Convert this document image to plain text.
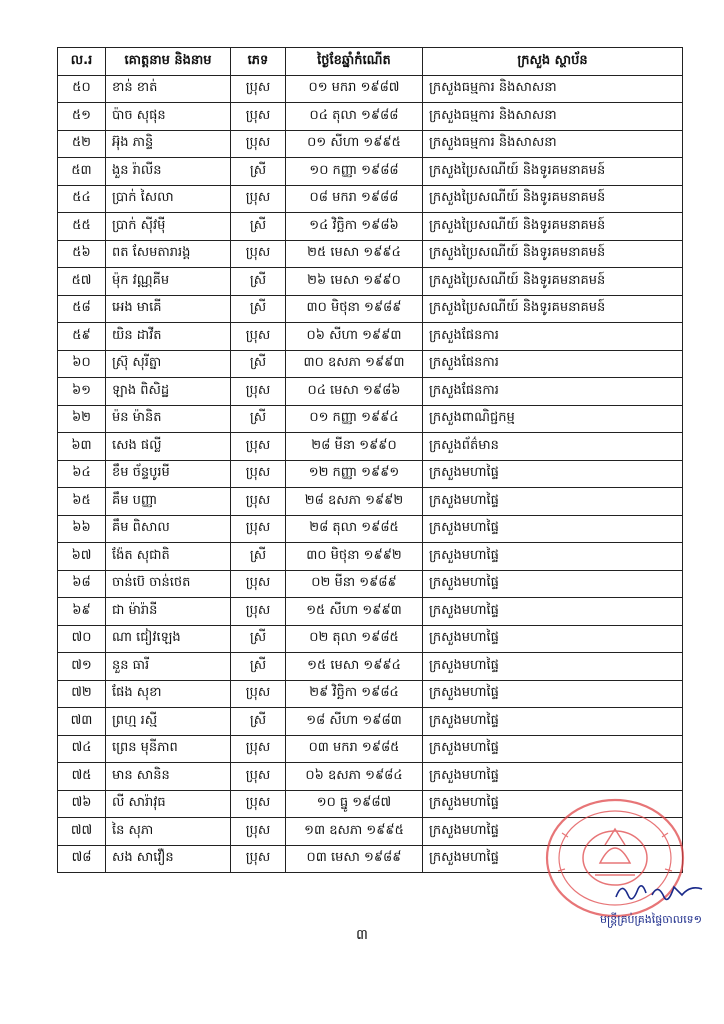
ល.រ	គោត្តនាម និងនាម	ភេទ	ថ្ងៃខែឆ្នាំកំណើត	ក្រសួង ស្ថាប័ន
៥០	ខាន់ ខាត់	ប្រុស	០១ មករា ១៩៨៧	ក្រសួងធម្មការ និងសាសនា
៥១	ប៉ាច សុផុន	ប្រុស	០៤ តុលា ១៩៨៨	ក្រសួងធម្មការ និងសាសនា
៥២	អ៊ុង ភាន្ទិ	ប្រុស	០១ សីហា ១៩៩៥	ក្រសួងធម្មការ និងសាសនា
៥៣	ងួន រ៉ាលីន	ស្រី	១០ កញ្ញា ១៩៨៨	ក្រសួងប្រៃសណីយ៍ និងទូរគមនាគមន៍
៥៤	ប្រាក់ សៃលា	ប្រុស	០៨ មករា ១៩៨៨	ក្រសួងប្រៃសណីយ៍ និងទូរគមនាគមន៍
៥៥	ប្រាក់ ស៊ីវម៉ី	ស្រី	១៤ វិច្ឆិកា ១៩៨៦	ក្រសួងប្រៃសណីយ៍ និងទូរគមនាគមន៍
៥៦	ពត សែមតារារង្គ	ប្រុស	២៥ មេសា ១៩៩៤	ក្រសួងប្រៃសណីយ៍ និងទូរគមនាគមន៍
៥៧	ម៉ុក វណ្ណគីម	ស្រី	២៦ មេសា ១៩៩០	ក្រសួងប្រៃសណីយ៍ និងទូរគមនាគមន៍
៥៨	អេង មាគើ	ស្រី	៣០ មិថុនា ១៩៨៩	ក្រសួងប្រៃសណីយ៍ និងទូរគមនាគមន៍
៥៩	យិន ដាវីត	ប្រុស	០៦ សីហា ១៩៩៣	ក្រសួងផែនការ
៦០	ស្រ៊ុ សុរីត្នា	ស្រី	៣០ ឧសភា ១៩៩៣	ក្រសួងផែនការ
៦១	ឡាង ពិសិដ្ឋ	ប្រុស	០៤ មេសា ១៩៨៦	ក្រសួងផែនការ
៦២	ម៉ន ម៉ានិត	ស្រី	០១ កញ្ញា ១៩៩៤	ក្រសួងពាណិជ្ជកម្ម
៦៣	សេង ផល្លី	ប្រុស	២៨ មីនា ១៩៩០	ក្រសួងព័ត៌មាន
៦៤	ខឹម ច័ន្ទបូរមី	ប្រុស	១២ កញ្ញា ១៩៩១	ក្រសួងមហាផ្ទៃ
៦៥	គឹម បញ្ញា	ប្រុស	២៨ ឧសភា ១៩៩២	ក្រសួងមហាផ្ទៃ
៦៦	គឹម ពិសាល	ប្រុស	២៨ តុលា ១៩៨៥	ក្រសួងមហាផ្ទៃ
៦៧	ង៉ែត សុជាតិ	ស្រី	៣០ មិថុនា ១៩៩២	ក្រសួងមហាផ្ទៃ
៦៨	ចាន់ប៊េ ចាន់ថេត	ប្រុស	០២ មីនា ១៩៨៩	ក្រសួងមហាផ្ទៃ
៦៩	ជា ម៉ារ៉ានី	ប្រុស	១៥ សីហា ១៩៩៣	ក្រសួងមហាផ្ទៃ
៧០	ណា ជៀវឡេង	ស្រី	០២ តុលា ១៩៨៥	ក្រសួងមហាផ្ទៃ
៧១	នួន ធារី	ស្រី	១៥ មេសា ១៩៩៤	ក្រសួងមហាផ្ទៃ
៧២	ផែង សុខា	ប្រុស	២៩ វិច្ឆិកា ១៩៨៤	ក្រសួងមហាផ្ទៃ
៧៣	ព្រហ្ម រស្មី	ស្រី	១៨ សីហា ១៩៨៣	ក្រសួងមហាផ្ទៃ
៧៤	ព្រេន មុនីភាព	ប្រុស	០៣ មករា ១៩៨៥	ក្រសួងមហាផ្ទៃ
៧៥	មាន សានិន	ប្រុស	០៦ ឧសភា ១៩៨៤	ក្រសួងមហាផ្ទៃ
៧៦	លី សារ៉ាវុធ	ប្រុស	១០ ធ្នូ ១៩៨៧	ក្រសួងមហាផ្ទៃ
៧៧	នៃ សុភា	ប្រុស	១៣ ឧសភា ១៩៩៥	ក្រសួងមហាផ្ទៃ
៧៨	សង សាវឿន	ប្រុស	០៣ មេសា ១៩៨៩	ក្រសួងមហាផ្ទៃ
ម​ន្ត្រី​គ្រប់គ្រង​ផ្ទៃ​ចាលទេ​១
៣
